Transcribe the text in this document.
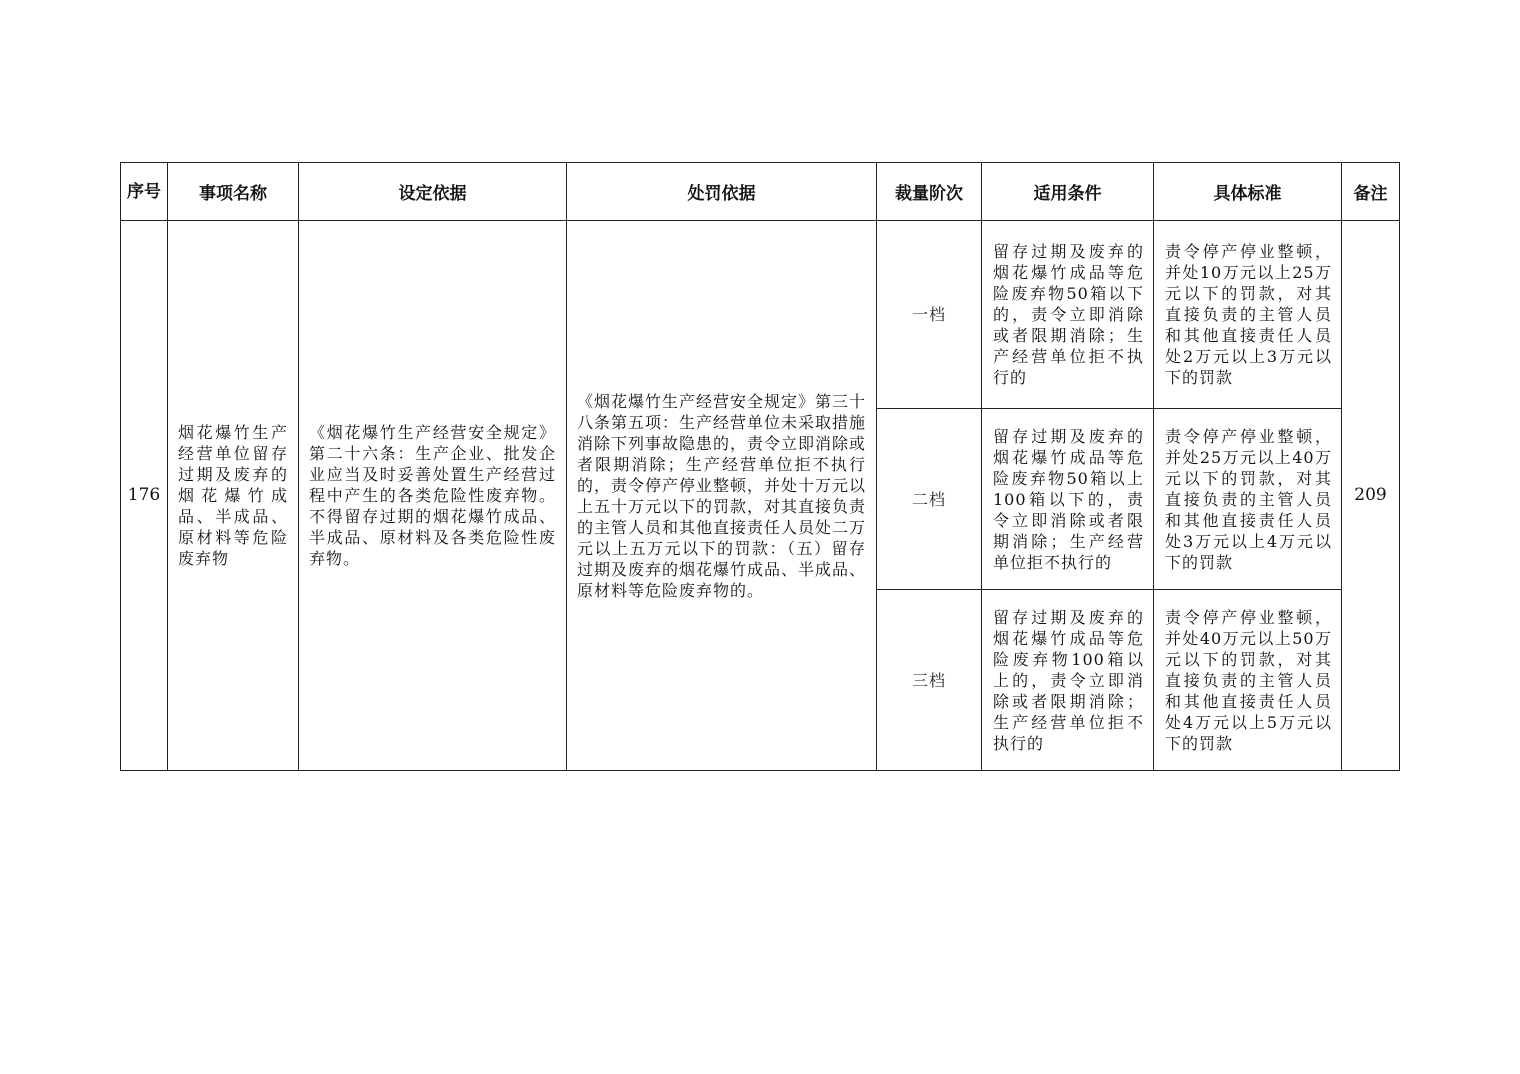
序号	事项名称	设定依据	处罚依据	裁量阶次	适用条件	具体标准	备注
176	烟花爆竹生产经营单位留存过期及废弃的烟花爆竹成品、半成品、原材料等危险废弃物	《烟花爆竹生产经营安全规定》第二十六条：生产企业、批发企业应当及时妥善处置生产经营过程中产生的各类危险性废弃物。不得留存过期的烟花爆竹成品、半成品、原材料及各类危险性废弃物。	《烟花爆竹生产经营安全规定》第三十八条第五项：生产经营单位未采取措施消除下列事故隐患的，责令立即消除或者限期消除；生产经营单位拒不执行的，责令停产停业整顿，并处十万元以上五十万元以下的罚款，对其直接负责的主管人员和其他直接责任人员处二万元以上五万元以下的罚款：（五）留存过期及废弃的烟花爆竹成品、半成品、原材料等危险废弃物的。	一档	留存过期及废弃的烟花爆竹成品等危险废弃物50箱以下的，责令立即消除或者限期消除；生产经营单位拒不执行的	责令停产停业整顿，并处10万元以上25万元以下的罚款，对其直接负责的主管人员和其他直接责任人员处2万元以上3万元以下的罚款	209
				二档	留存过期及废弃的烟花爆竹成品等危险废弃物50箱以上100箱以下的，责令立即消除或者限期消除；生产经营单位拒不执行的	责令停产停业整顿，并处25万元以上40万元以下的罚款，对其直接负责的主管人员和其他直接责任人员处3万元以上4万元以下的罚款	

				三档	留存过期及废弃的烟花爆竹成品等危险废弃物100箱以上的，责令立即消除或者限期消除；生产经营单位拒不执行的	责令停产停业整顿，并处40万元以上50万元以下的罚款，对其直接负责的主管人员和其他直接责任人员处4万元以上5万元以下的罚款	
